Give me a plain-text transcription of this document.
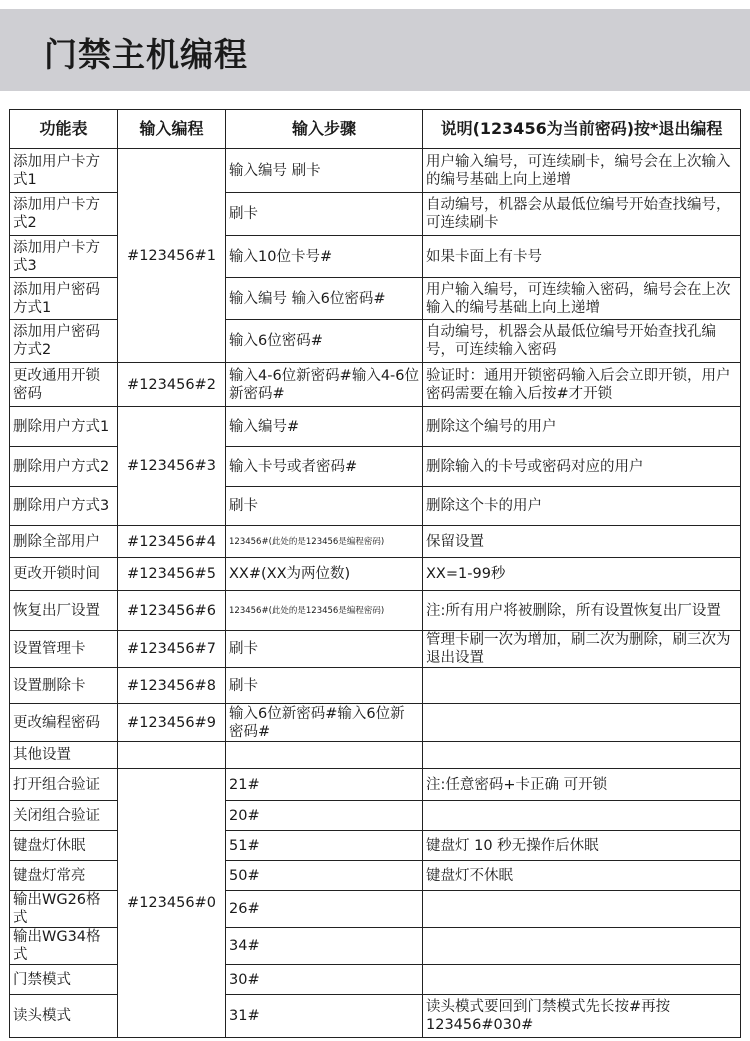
门禁主机编程
功能表	输入编程	输入步骤	说明(123456为当前密码)按*退出编程
添加用户卡方式1	#123456#1	输入编号 刷卡	用户输入编号，可连续刷卡，编号会在上次输入的编号基础上向上递增
添加用户卡方式2		刷卡	自动编号，机器会从最低位编号开始查找编号，可连续刷卡
添加用户卡方式3		输入10位卡号#	如果卡面上有卡号
添加用户密码方式1		输入编号 输入6位密码#	用户输入编号，可连续输入密码，编号会在上次输入的编号基础上向上递增
添加用户密码方式2		输入6位密码#	自动编号，机器会从最低位编号开始查找孔编号，可连续输入密码
更改通用开锁密码	#123456#2	输入4-6位新密码#输入4-6位新密码#	验证时：通用开锁密码输入后会立即开锁，用户密码需要在输入后按#才开锁
删除用户方式1	#123456#3	输入编号#	删除这个编号的用户
删除用户方式2		输入卡号或者密码#	删除输入的卡号或密码对应的用户
删除用户方式3		刷卡	删除这个卡的用户
删除全部用户	#123456#4	123456#(此处的是123456是编程密码)	保留设置
更改开锁时间	#123456#5	XX#(XX为两位数)	XX=1-99秒
恢复出厂设置	#123456#6	123456#(此处的是123456是编程密码)	注:所有用户将被删除，所有设置恢复出厂设置
设置管理卡	#123456#7	刷卡	管理卡刷一次为增加，刷二次为删除，刷三次为退出设置
设置删除卡	#123456#8	刷卡	
更改编程密码	#123456#9	输入6位新密码#输入6位新密码#	
其他设置			
打开组合验证	#123456#0	21#	注:任意密码+卡正确 可开锁
关闭组合验证		20#	
键盘灯休眠		51#	键盘灯 10 秒无操作后休眠
键盘灯常亮		50#	键盘灯不休眠
输出WG26格式		26#	
输出WG34格式		34#	
门禁模式		30#	
读头模式		31#	读头模式要回到门禁模式先长按#再按123456#030#
